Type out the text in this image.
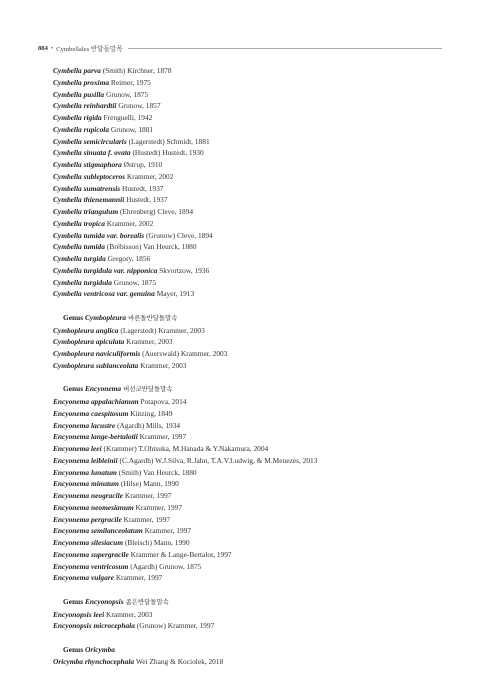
884 • Cymbellales 반달돌말목
Cymbella parva (Smith) Kirchner, 1878
Cymbella proxima Reimer, 1975
Cymbella pusilla Grunow, 1875
Cymbella reinhardtii Grunow, 1857
Cymbella rigida Frenguelli, 1942
Cymbella rupicola Grunow, 1881
Cymbella semicircularis (Lagerstedt) Schmidt, 1881
Cymbella sinuata f. ovata (Hustedt) Hustedt, 1930
Cymbella stigmaphora Østrup, 1910
Cymbella subleptoceros Krammer, 2002
Cymbella sumatrensis Hustedt, 1937
Cymbella thienemannii Hustedt, 1937
Cymbella triangulum (Ehrenberg) Cleve, 1894
Cymbella tropica Krammer, 2002
Cymbella tumida var. borealis (Grunow) Cleve, 1894
Cymbella tumida (Brébisson) Van Heurck, 1880
Cymbella turgida Gregory, 1856
Cymbella turgidula var. nipponica Skvortzow, 1936
Cymbella turgidula Grunow, 1875
Cymbella ventricosa var. genuina Mayer, 1913
Genus Cymbopleura 바른돌반달돌말속
Cymbopleura anglica (Lagerstedt) Krammer, 2003
Cymbopleura apiculata Krammer, 2003
Cymbopleura naviculiformis (Auerswald) Krammer, 2003
Cymbopleura sublanceolata Krammer, 2003
Genus Encyonema 버선코반달돌말속
Encyonema appalachianum Potapova, 2014
Encyonema caespitosum Kützing, 1849
Encyonema lacustre (Agardh) Mills, 1934
Encyonema lange-bertalotii Krammer, 1997
Encyonema leei (Krammer) T.Ohtsuka, M.Hanada & Y.Nakamura, 2004
Encyonema leibleinii (C.Agardh) W.J.Silva, R.Jahn, T.A.V.Ludwig, & M.Menezes, 2013
Encyonema lunatum (Smith) Van Heurck, 1880
Encyonema minutum (Hilse) Mann, 1990
Encyonema neogracile Krammer, 1997
Encyonema neomesianum Krammer, 1997
Encyonema pergracile Krammer, 1997
Encyonema semilanceolatum Krammer, 1997
Encyonema silesiacum (Bleisch) Mann, 1990
Encyonema supergracile Krammer & Lange-Bertalot, 1997
Encyonema ventricosum (Agardh) Grunow, 1875
Encyonema vulgare Krammer, 1997
Genus Encyonopsis 좁은반달돌말속
Encyonopsis leei Krammer, 2003
Encyonopsis microcephala (Grunow) Krammer, 1997
Genus Oricymba
Oricymba rhynchocephala Wei Zhang & Kociolek, 2018
